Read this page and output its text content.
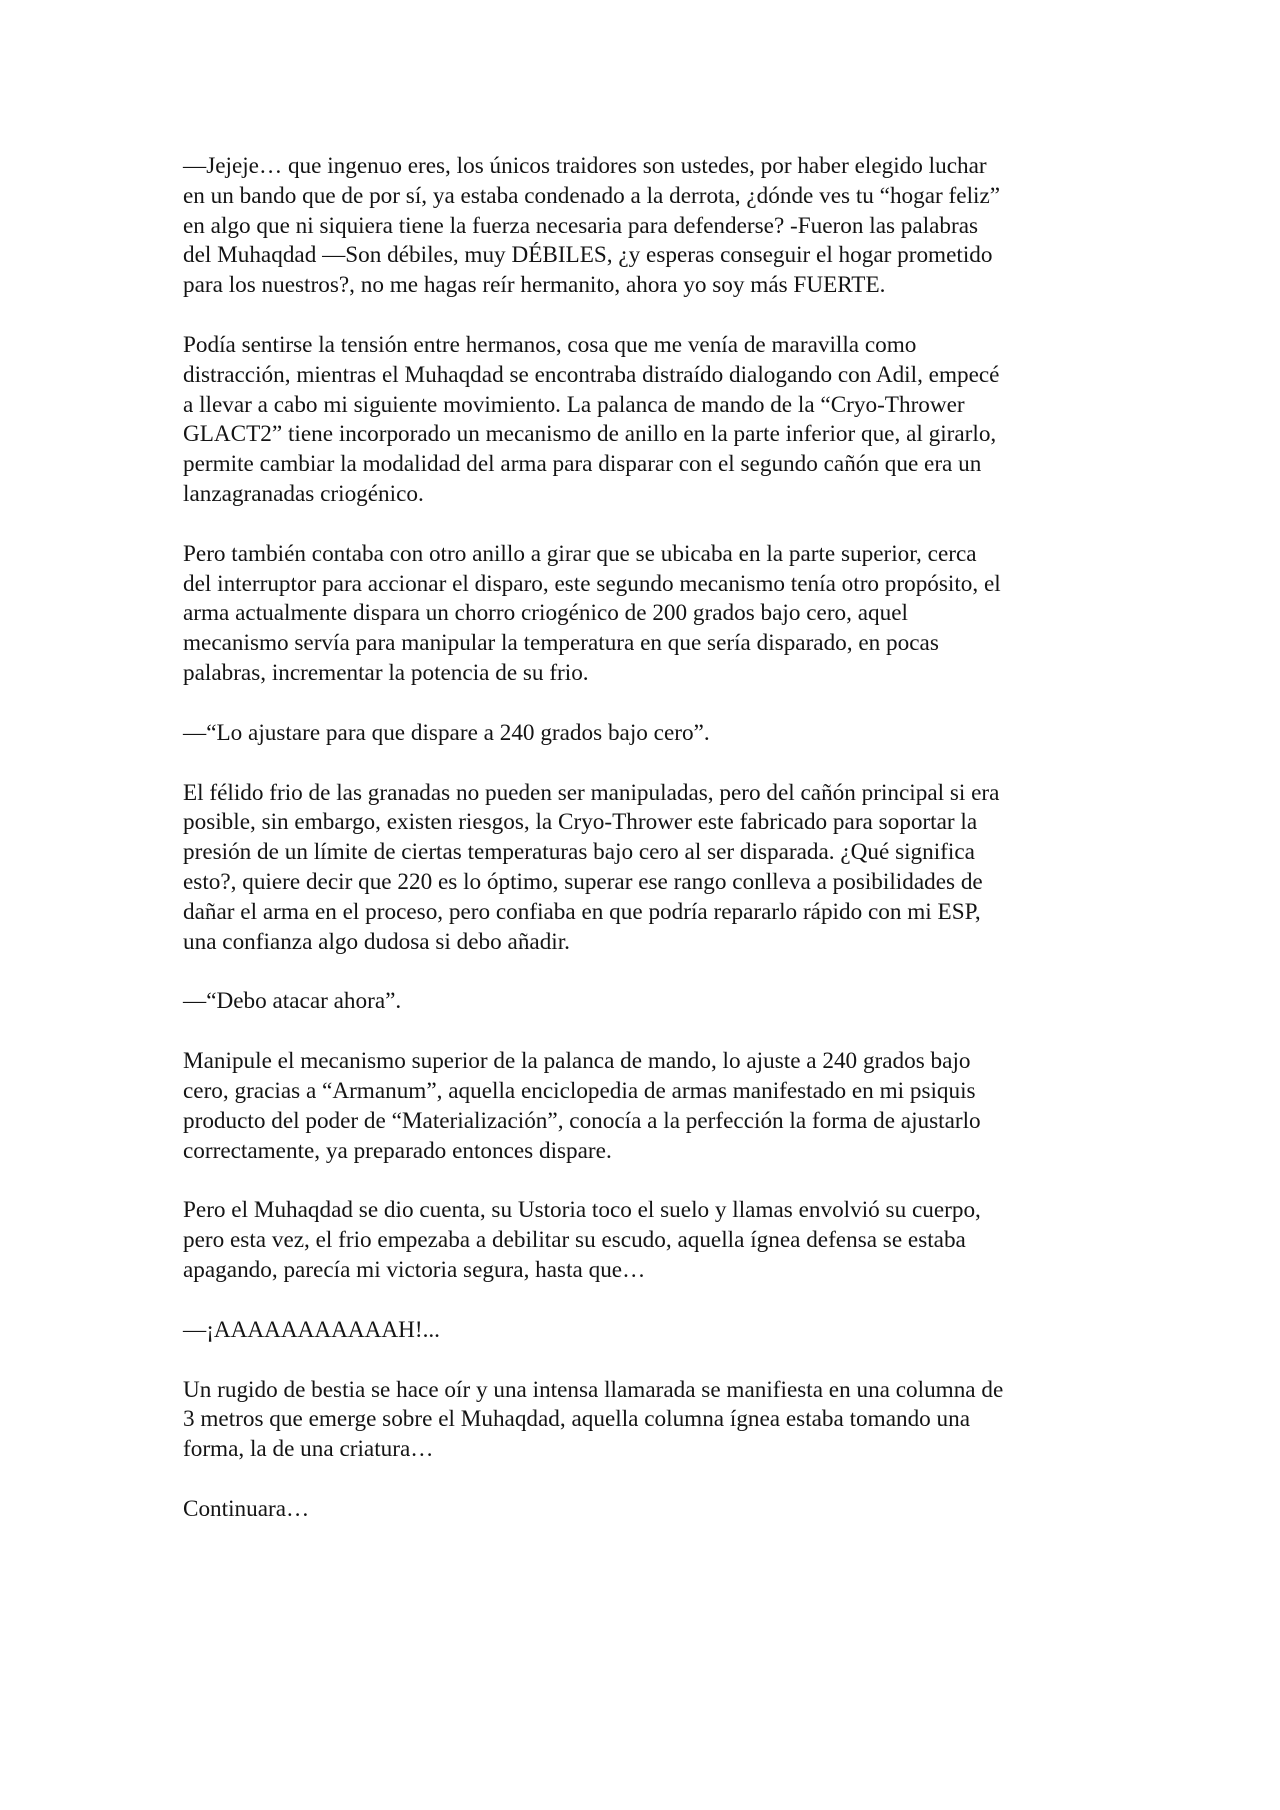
—Jejeje… que ingenuo eres, los únicos traidores son ustedes, por haber elegido luchar
en un bando que de por sí, ya estaba condenado a la derrota, ¿dónde ves tu “hogar feliz”
en algo que ni siquiera tiene la fuerza necesaria para defenderse? -Fueron las palabras
del Muhaqdad —Son débiles, muy DÉBILES, ¿y esperas conseguir el hogar prometido
para los nuestros?, no me hagas reír hermanito, ahora yo soy más FUERTE.

Podía sentirse la tensión entre hermanos, cosa que me venía de maravilla como
distracción, mientras el Muhaqdad se encontraba distraído dialogando con Adil, empecé
a llevar a cabo mi siguiente movimiento. La palanca de mando de la “Cryo-Thrower
GLACT2” tiene incorporado un mecanismo de anillo en la parte inferior que, al girarlo,
permite cambiar la modalidad del arma para disparar con el segundo cañón que era un
lanzagranadas criogénico.

Pero también contaba con otro anillo a girar que se ubicaba en la parte superior, cerca
del interruptor para accionar el disparo, este segundo mecanismo tenía otro propósito, el
arma actualmente dispara un chorro criogénico de 200 grados bajo cero, aquel
mecanismo servía para manipular la temperatura en que sería disparado, en pocas
palabras, incrementar la potencia de su frio.

—“Lo ajustare para que dispare a 240 grados bajo cero”.

El félido frio de las granadas no pueden ser manipuladas, pero del cañón principal si era
posible, sin embargo, existen riesgos, la Cryo-Thrower este fabricado para soportar la
presión de un límite de ciertas temperaturas bajo cero al ser disparada. ¿Qué significa
esto?, quiere decir que 220 es lo óptimo, superar ese rango conlleva a posibilidades de
dañar el arma en el proceso, pero confiaba en que podría repararlo rápido con mi ESP,
una confianza algo dudosa si debo añadir.

—“Debo atacar ahora”.

Manipule el mecanismo superior de la palanca de mando, lo ajuste a 240 grados bajo
cero, gracias a “Armanum”, aquella enciclopedia de armas manifestado en mi psiquis
producto del poder de “Materialización”, conocía a la perfección la forma de ajustarlo
correctamente, ya preparado entonces dispare.

Pero el Muhaqdad se dio cuenta, su Ustoria toco el suelo y llamas envolvió su cuerpo,
pero esta vez, el frio empezaba a debilitar su escudo, aquella ígnea defensa se estaba
apagando, parecía mi victoria segura, hasta que…

—¡AAAAAAAAAAAH!...

Un rugido de bestia se hace oír y una intensa llamarada se manifiesta en una columna de
3 metros que emerge sobre el Muhaqdad, aquella columna ígnea estaba tomando una
forma, la de una criatura…

Continuara…
